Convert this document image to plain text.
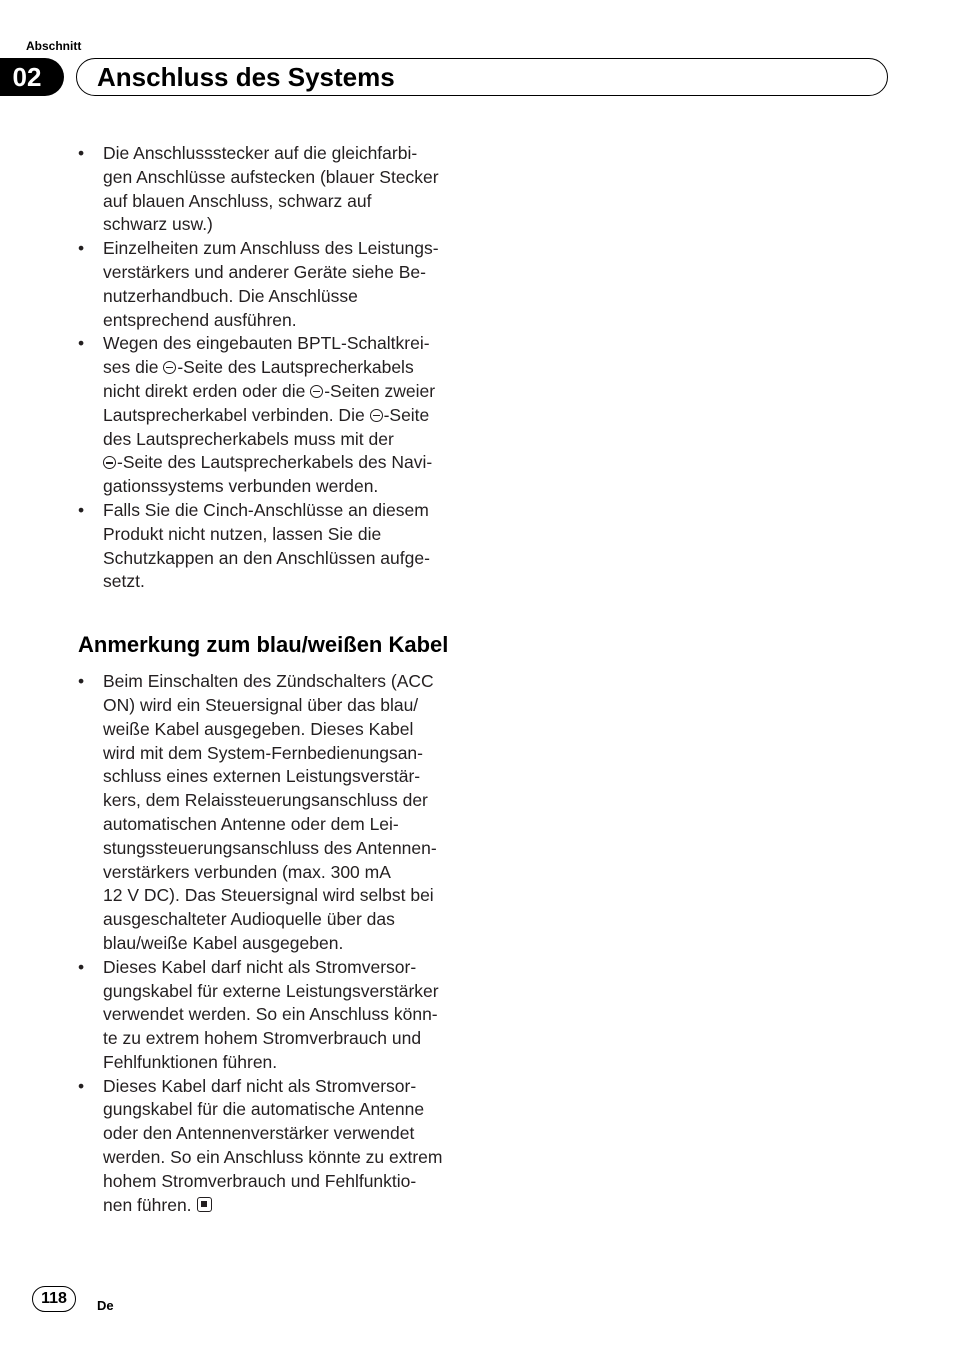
Abschnitt
02	Anschluss des Systems
• Die Anschlussstecker auf die gleichfarbi-
gen Anschlüsse aufstecken (blauer Stecker
auf blauen Anschluss, schwarz auf
schwarz usw.)
• Einzelheiten zum Anschluss des Leistungs-
verstärkers und anderer Geräte siehe Be-
nutzerhandbuch. Die Anschlüsse
entsprechend ausführen.
• Wegen des eingebauten BPTL-Schaltkrei-
ses die -Seite des Lautsprecherkabels
nicht direkt erden oder die -Seiten zweier
Lautsprecherkabel verbinden. Die -Seite
des Lautsprecherkabels muss mit der
-Seite des Lautsprecherkabels des Navi-
gationssystems verbunden werden.
• Falls Sie die Cinch-Anschlüsse an diesem
Produkt nicht nutzen, lassen Sie die
Schutzkappen an den Anschlüssen aufge-
setzt.
Anmerkung zum blau/weißen Kabel
• Beim Einschalten des Zündschalters (ACC
ON) wird ein Steuersignal über das blau/
weiße Kabel ausgegeben. Dieses Kabel
wird mit dem System-Fernbedienungsan-
schluss eines externen Leistungsverstär-
kers, dem Relaissteuerungsanschluss der
automatischen Antenne oder dem Lei-
stungssteuerungsanschluss des Antennen-
verstärkers verbunden (max. 300 mA
12 V DC). Das Steuersignal wird selbst bei
ausgeschalteter Audioquelle über das
blau/weiße Kabel ausgegeben.
• Dieses Kabel darf nicht als Stromversor-
gungskabel für externe Leistungsverstärker
verwendet werden. So ein Anschluss könn-
te zu extrem hohem Stromverbrauch und
Fehlfunktionen führen.
• Dieses Kabel darf nicht als Stromversor-
gungskabel für die automatische Antenne
oder den Antennenverstärker verwendet
werden. So ein Anschluss könnte zu extrem
hohem Stromverbrauch und Fehlfunktio-
nen führen.
118	De
